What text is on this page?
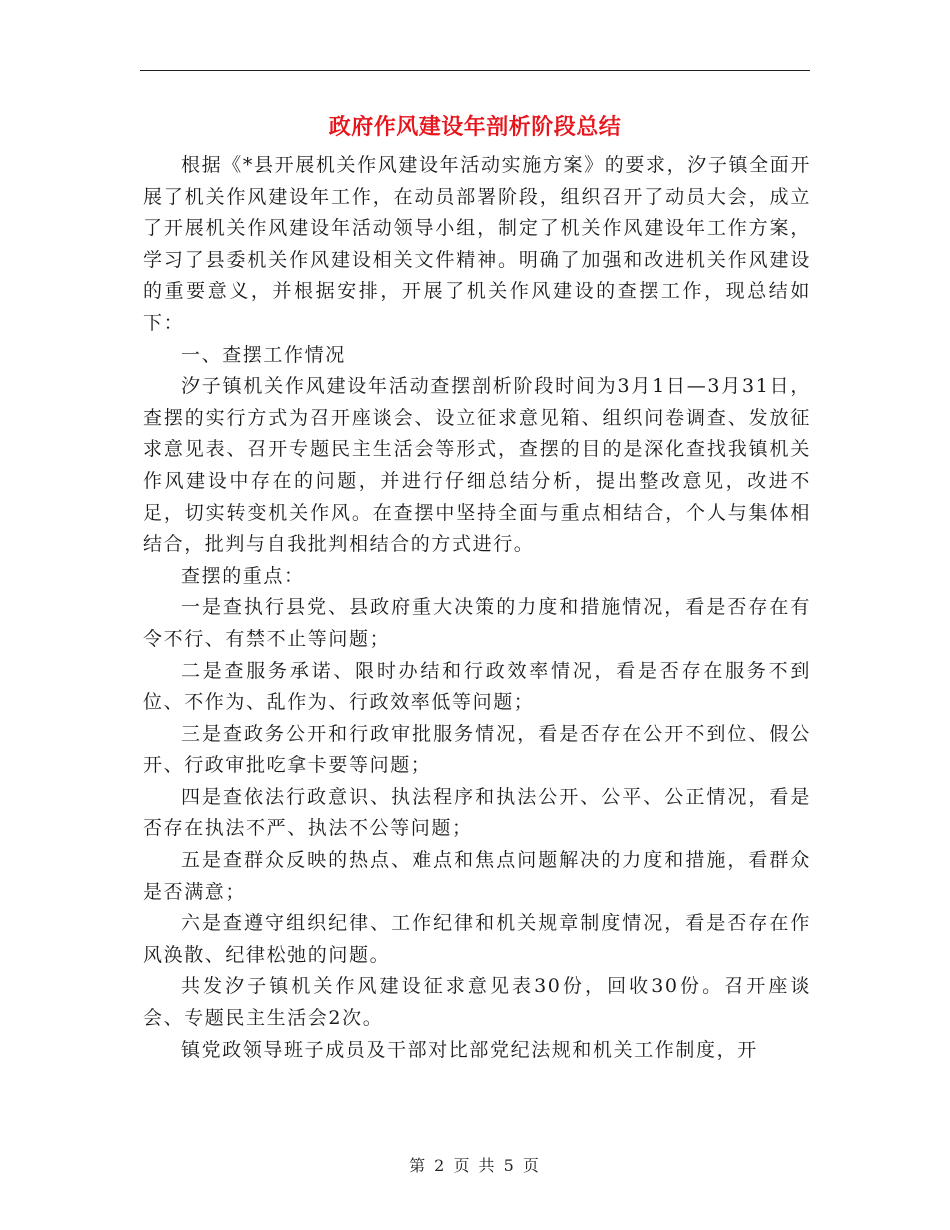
政府作风建设年剖析阶段总结

根据《*县开展机关作风建设年活动实施方案》的要求，汐子镇全面开展了机关作风建设年工作，在动员部署阶段，组织召开了动员大会，成立了开展机关作风建设年活动领导小组，制定了机关作风建设年工作方案，学习了县委机关作风建设相关文件精神。明确了加强和改进机关作风建设的重要意义，并根据安排，开展了机关作风建设的查摆工作，现总结如下：

一、查摆工作情况

汐子镇机关作风建设年活动查摆剖析阶段时间为3月1日—3月31日，查摆的实行方式为召开座谈会、设立征求意见箱、组织问卷调查、发放征求意见表、召开专题民主生活会等形式，查摆的目的是深化查找我镇机关作风建设中存在的问题，并进行仔细总结分析，提出整改意见，改进不足，切实转变机关作风。在查摆中坚持全面与重点相结合，个人与集体相结合，批判与自我批判相结合的方式进行。

查摆的重点：

一是查执行县党、县政府重大决策的力度和措施情况，看是否存在有令不行、有禁不止等问题；

二是查服务承诺、限时办结和行政效率情况，看是否存在服务不到位、不作为、乱作为、行政效率低等问题；

三是查政务公开和行政审批服务情况，看是否存在公开不到位、假公开、行政审批吃拿卡要等问题；

四是查依法行政意识、执法程序和执法公开、公平、公正情况，看是否存在执法不严、执法不公等问题；

五是查群众反映的热点、难点和焦点问题解决的力度和措施，看群众是否满意；

六是查遵守组织纪律、工作纪律和机关规章制度情况，看是否存在作风涣散、纪律松弛的问题。

共发汐子镇机关作风建设征求意见表30份，回收30份。召开座谈会、专题民主生活会2次。

镇党政领导班子成员及干部对比部党纪法规和机关工作制度，开

第 2 页 共 5 页
